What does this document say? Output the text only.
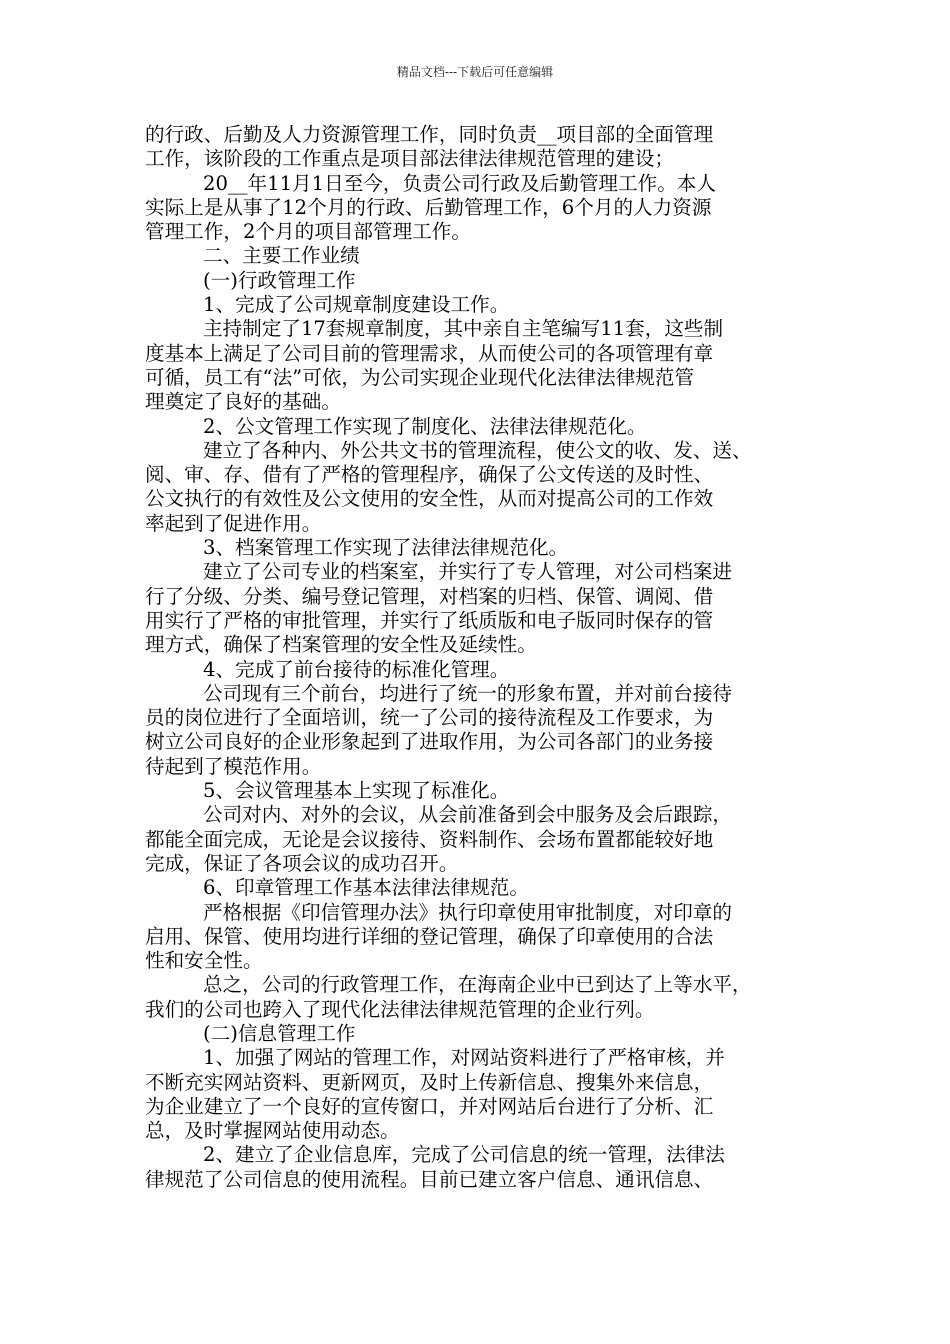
精品文档---下载后可任意编辑
的行政、后勤及人力资源管理工作，同时负责__项目部的全面管理
工作，该阶段的工作重点是项目部法律法律规范管理的建设；
20__年11月1日至今，负责公司行政及后勤管理工作。本人
实际上是从事了12个月的行政、后勤管理工作，6个月的人力资源
管理工作，2个月的项目部管理工作。
二、主要工作业绩
(一)行政管理工作
1、完成了公司规章制度建设工作。
主持制定了17套规章制度，其中亲自主笔编写11套，这些制
度基本上满足了公司目前的管理需求，从而使公司的各项管理有章
可循，员工有“法”可依，为公司实现企业现代化法律法律规范管
理奠定了良好的基础。
2、公文管理工作实现了制度化、法律法律规范化。
建立了各种内、外公共文书的管理流程，使公文的收、发、送、
阅、审、存、借有了严格的管理程序，确保了公文传送的及时性、
公文执行的有效性及公文使用的安全性，从而对提高公司的工作效
率起到了促进作用。
3、档案管理工作实现了法律法律规范化。
建立了公司专业的档案室，并实行了专人管理，对公司档案进
行了分级、分类、编号登记管理，对档案的归档、保管、调阅、借
用实行了严格的审批管理，并实行了纸质版和电子版同时保存的管
理方式，确保了档案管理的安全性及延续性。
4、完成了前台接待的标准化管理。
公司现有三个前台，均进行了统一的形象布置，并对前台接待
员的岗位进行了全面培训，统一了公司的接待流程及工作要求，为
树立公司良好的企业形象起到了进取作用，为公司各部门的业务接
待起到了模范作用。
5、会议管理基本上实现了标准化。
公司对内、对外的会议，从会前准备到会中服务及会后跟踪，
都能全面完成，无论是会议接待、资料制作、会场布置都能较好地
完成，保证了各项会议的成功召开。
6、印章管理工作基本法律法律规范。
严格根据《印信管理办法》执行印章使用审批制度，对印章的
启用、保管、使用均进行详细的登记管理，确保了印章使用的合法
性和安全性。
总之，公司的行政管理工作，在海南企业中已到达了上等水平，
我们的公司也跨入了现代化法律法律规范管理的企业行列。
(二)信息管理工作
1、加强了网站的管理工作，对网站资料进行了严格审核，并
不断充实网站资料、更新网页，及时上传新信息、搜集外来信息，
为企业建立了一个良好的宣传窗口，并对网站后台进行了分析、汇
总，及时掌握网站使用动态。
2、建立了企业信息库，完成了公司信息的统一管理，法律法
律规范了公司信息的使用流程。目前已建立客户信息、通讯信息、
